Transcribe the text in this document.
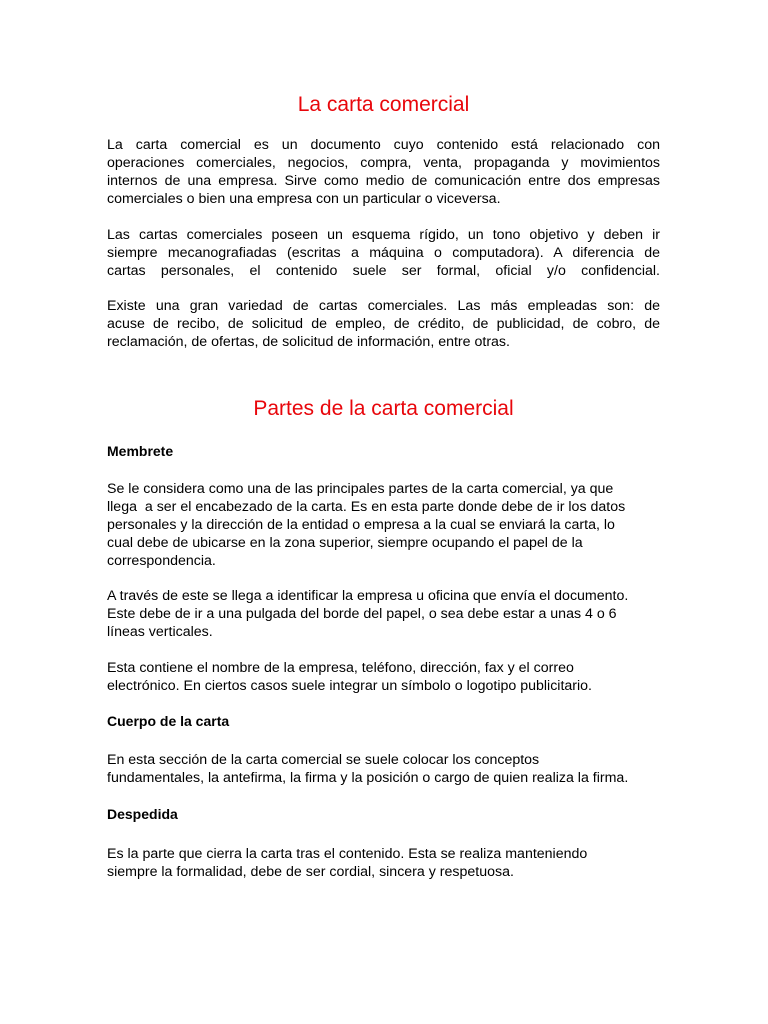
La carta comercial
La carta comercial es un documento cuyo contenido está relacionado con
operaciones comerciales, negocios, compra, venta, propaganda y movimientos
internos de una empresa. Sirve como medio de comunicación entre dos empresas
comerciales o bien una empresa con un particular o viceversa.
Las cartas comerciales poseen un esquema rígido, un tono objetivo y deben ir
siempre mecanografiadas (escritas a máquina o computadora). A diferencia de
cartas personales, el contenido suele ser formal, oficial y/o confidencial.
Existe una gran variedad de cartas comerciales. Las más empleadas son: de
acuse de recibo, de solicitud de empleo, de crédito, de publicidad, de cobro, de
reclamación, de ofertas, de solicitud de información, entre otras.
Partes de la carta comercial

Membrete

Se le considera como una de las principales partes de la carta comercial, ya que
llega  a ser el encabezado de la carta. Es en esta parte donde debe de ir los datos
personales y la dirección de la entidad o empresa a la cual se enviará la carta, lo
cual debe de ubicarse en la zona superior, siempre ocupando el papel de la
correspondencia.
A través de este se llega a identificar la empresa u oficina que envía el documento.
Este debe de ir a una pulgada del borde del papel, o sea debe estar a unas 4 o 6
líneas verticales.
Esta contiene el nombre de la empresa, teléfono, dirección, fax y el correo
electrónico. En ciertos casos suele integrar un símbolo o logotipo publicitario.

Cuerpo de la carta

En esta sección de la carta comercial se suele colocar los conceptos
fundamentales, la antefirma, la firma y la posición o cargo de quien realiza la firma.

Despedida

Es la parte que cierra la carta tras el contenido. Esta se realiza manteniendo
siempre la formalidad, debe de ser cordial, sincera y respetuosa.
